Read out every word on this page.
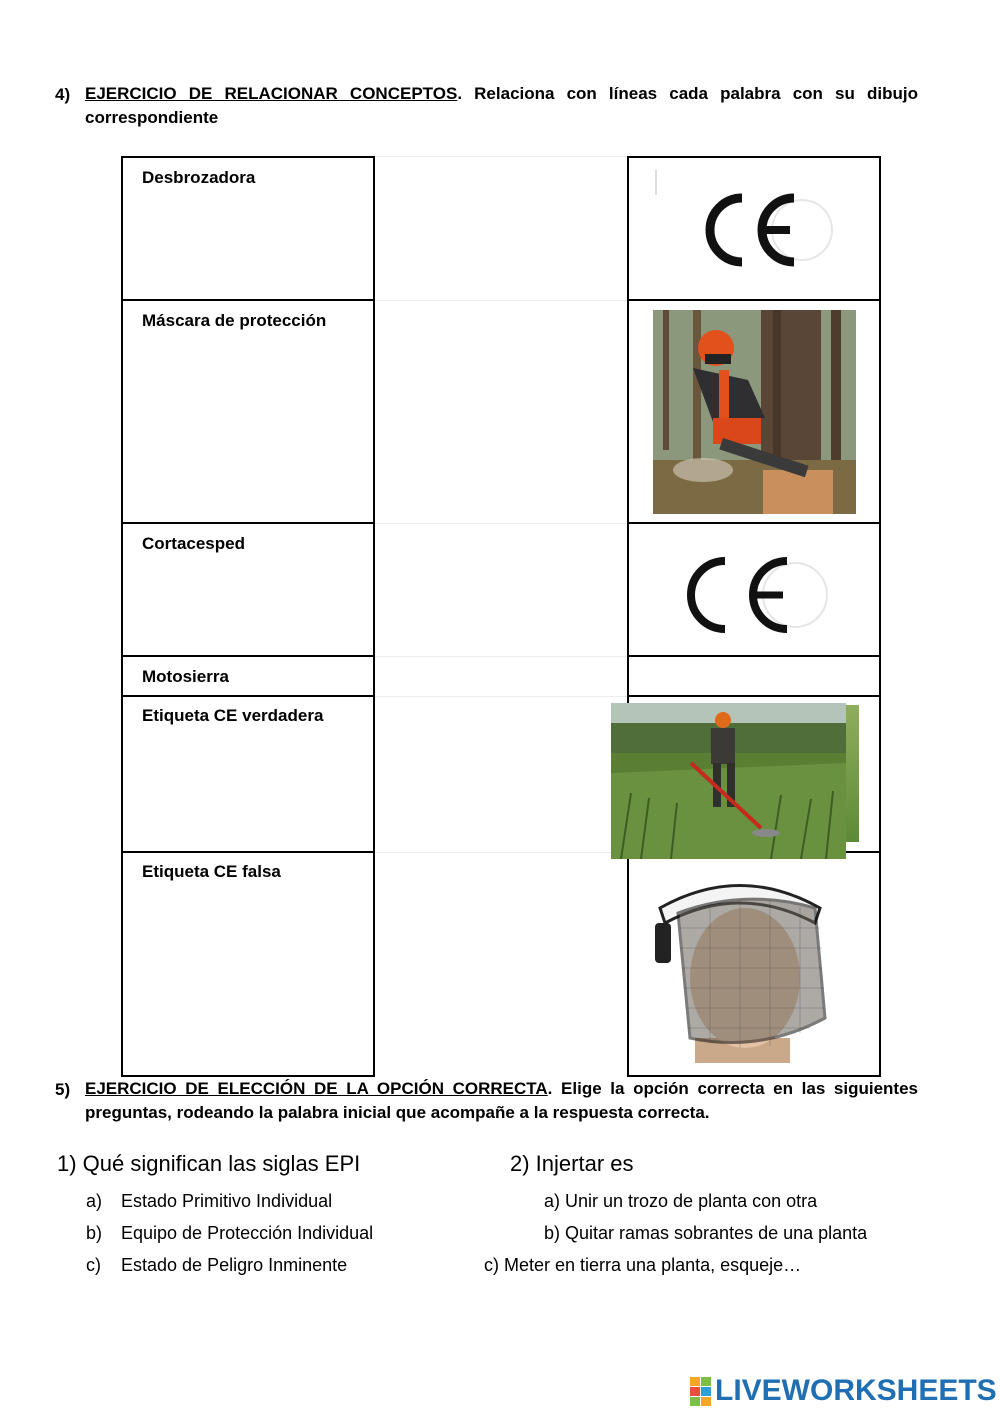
4) EJERCICIO DE RELACIONAR CONCEPTOS. Relaciona con líneas cada palabra con su dibujo correspondiente
Desbrozadora
Máscara de protección
Cortacesped
Motosierra
Etiqueta CE verdadera
Etiqueta CE falsa
5) EJERCICIO DE ELECCIÓN DE LA OPCIÓN CORRECTA. Elige la opción correcta en las siguientes preguntas, rodeando la palabra inicial que acompañe a la respuesta correcta.
1) Qué significan las siglas EPI
a) Estado Primitivo Individual
b) Equipo de Protección Individual
c) Estado de Peligro Inminente
2) Injertar es
a) Unir un trozo de planta con otra
b) Quitar ramas sobrantes de una planta
c) Meter en tierra una planta, esqueje…
LIVEWORKSHEETS
